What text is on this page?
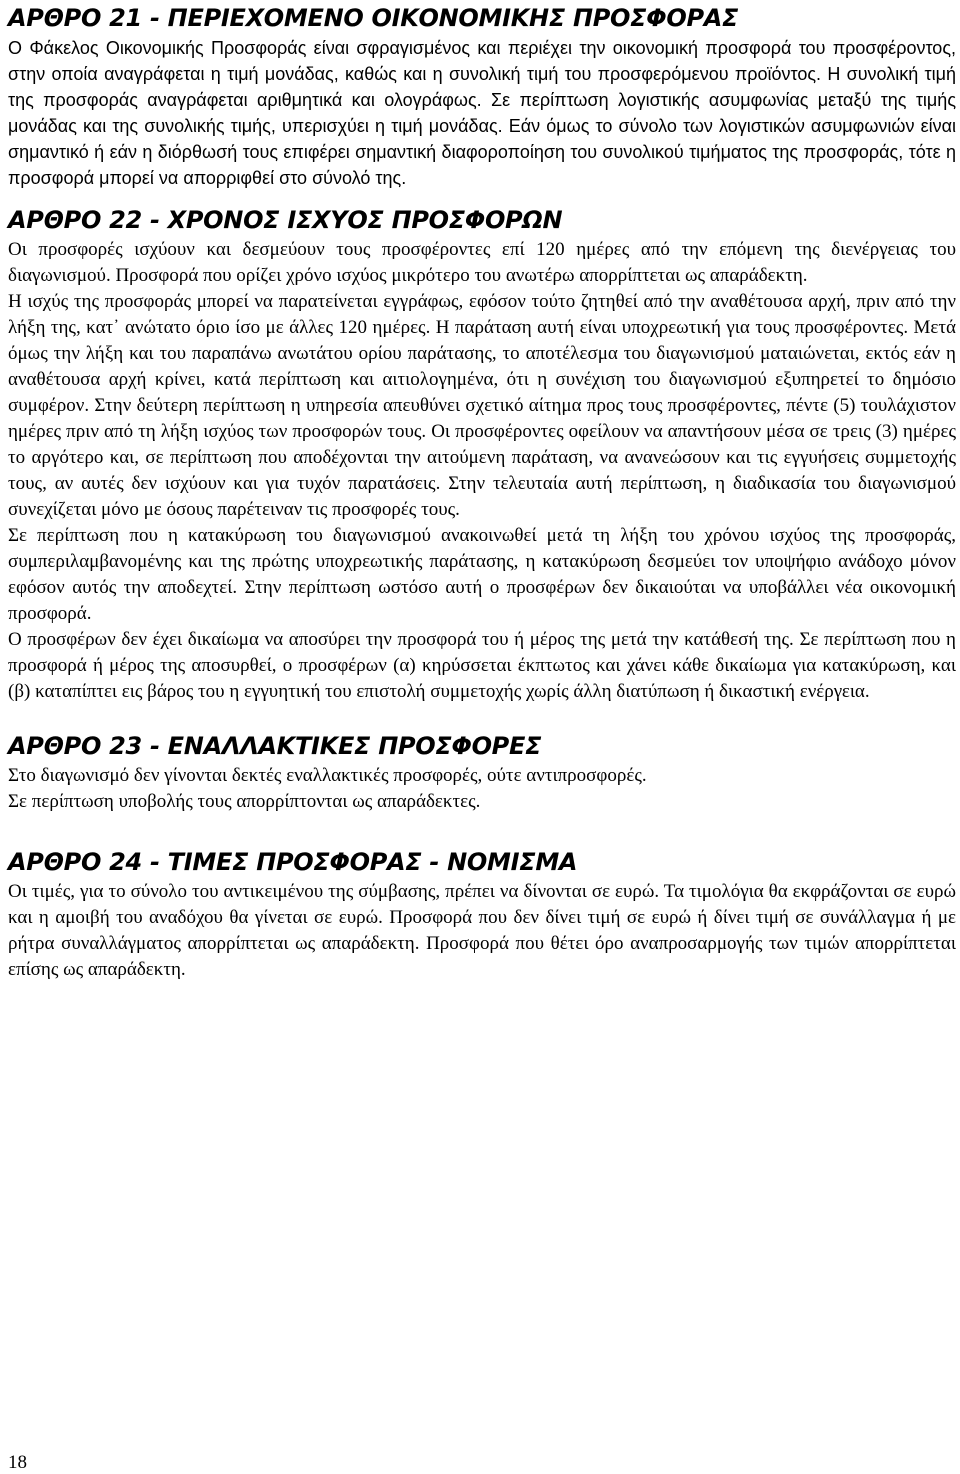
ΑΡΘΡΟ 21 - ΠΕΡΙΕΧΟΜΕΝΟ ΟΙΚΟΝΟΜΙΚΗΣ ΠΡΟΣΦΟΡΑΣ

Ο Φάκελος Οικονομικής Προσφοράς είναι σφραγισμένος και περιέχει την οικονομική προσφορά του προσφέροντος, στην οποία αναγράφεται η τιμή μονάδας, καθώς και η συνολική τιμή του προσφερόμενου προϊόντος. Η συνολική τιμή της προσφοράς αναγράφεται αριθμητικά και ολογράφως. Σε περίπτωση λογιστικής ασυμφωνίας μεταξύ της τιμής μονάδας και της συνολικής τιμής, υπερισχύει η τιμή μονάδας. Εάν όμως το σύνολο των λογιστικών ασυμφωνιών είναι σημαντικό ή εάν η διόρθωσή τους επιφέρει σημαντική διαφοροποίηση του συνολικού τιμήματος της προσφοράς, τότε η προσφορά μπορεί να απορριφθεί στο σύνολό της.

ΑΡΘΡΟ 22 - ΧΡΟΝΟΣ ΙΣΧΥΟΣ ΠΡΟΣΦΟΡΩΝ

Οι προσφορές ισχύουν και δεσμεύουν τους προσφέροντες επί 120 ημέρες από την επόμενη της διενέργειας του διαγωνισμού. Προσφορά που ορίζει χρόνο ισχύος μικρότερο του ανωτέρω απορρίπτεται ως απαράδεκτη.

Η ισχύς της προσφοράς μπορεί να παρατείνεται εγγράφως, εφόσον τούτο ζητηθεί από την αναθέτουσα αρχή, πριν από την λήξη της, κατ᾽ ανώτατο όριο ίσο με άλλες 120 ημέρες. Η παράταση αυτή είναι υποχρεωτική για τους προσφέροντες. Μετά όμως την λήξη και του παραπάνω ανωτάτου ορίου παράτασης, το αποτέλεσμα του διαγωνισμού ματαιώνεται, εκτός εάν η αναθέτουσα αρχή κρίνει, κατά περίπτωση και αιτιολογημένα, ότι η συνέχιση του διαγωνισμού εξυπηρετεί το δημόσιο συμφέρον. Στην δεύτερη περίπτωση η υπηρεσία απευθύνει σχετικό αίτημα προς τους προσφέροντες, πέντε (5) τουλάχιστον ημέρες πριν από τη λήξη ισχύος των προσφορών τους. Οι προσφέροντες οφείλουν να απαντήσουν μέσα σε τρεις (3) ημέρες το αργότερο και, σε περίπτωση που αποδέχονται την αιτούμενη παράταση, να ανανεώσουν και τις εγγυήσεις συμμετοχής τους, αν αυτές δεν ισχύουν και για τυχόν παρατάσεις. Στην τελευταία αυτή περίπτωση, η διαδικασία του διαγωνισμού συνεχίζεται μόνο με όσους παρέτειναν τις προσφορές τους.

Σε περίπτωση που η κατακύρωση του διαγωνισμού ανακοινωθεί μετά τη λήξη του χρόνου ισχύος της προσφοράς, συμπεριλαμβανομένης και της πρώτης υποχρεωτικής παράτασης, η κατακύρωση δεσμεύει τον υποψήφιο ανάδοχο μόνον εφόσον αυτός την αποδεχτεί. Στην περίπτωση ωστόσο αυτή ο προσφέρων δεν δικαιούται να υποβάλλει νέα οικονομική προσφορά.

Ο προσφέρων δεν έχει δικαίωμα να αποσύρει την προσφορά του ή μέρος της μετά την κατάθεσή της. Σε περίπτωση που η προσφορά ή μέρος της αποσυρθεί, ο προσφέρων (α) κηρύσσεται έκπτωτος και χάνει κάθε δικαίωμα για κατακύρωση, και (β) καταπίπτει εις βάρος του η εγγυητική του επιστολή συμμετοχής χωρίς άλλη διατύπωση ή δικαστική ενέργεια.

ΑΡΘΡΟ 23 - ΕΝΑΛΛΑΚΤΙΚΕΣ ΠΡΟΣΦΟΡΕΣ

Στο διαγωνισμό δεν γίνονται δεκτές εναλλακτικές προσφορές, ούτε αντιπροσφορές.

Σε περίπτωση υποβολής τους απορρίπτονται ως απαράδεκτες.

ΑΡΘΡΟ 24 - ΤΙΜΕΣ ΠΡΟΣΦΟΡΑΣ - ΝΟΜΙΣΜΑ

Οι τιμές, για το σύνολο του αντικειμένου της σύμβασης, πρέπει να δίνονται σε ευρώ. Τα τιμολόγια θα εκφράζονται σε ευρώ και η αμοιβή του αναδόχου θα γίνεται σε ευρώ. Προσφορά που δεν δίνει τιμή σε ευρώ ή δίνει τιμή σε συνάλλαγμα ή με ρήτρα συναλλάγματος απορρίπτεται ως απαράδεκτη. Προσφορά που θέτει όρο αναπροσαρμογής των τιμών απορρίπτεται επίσης ως απαράδεκτη.

18
